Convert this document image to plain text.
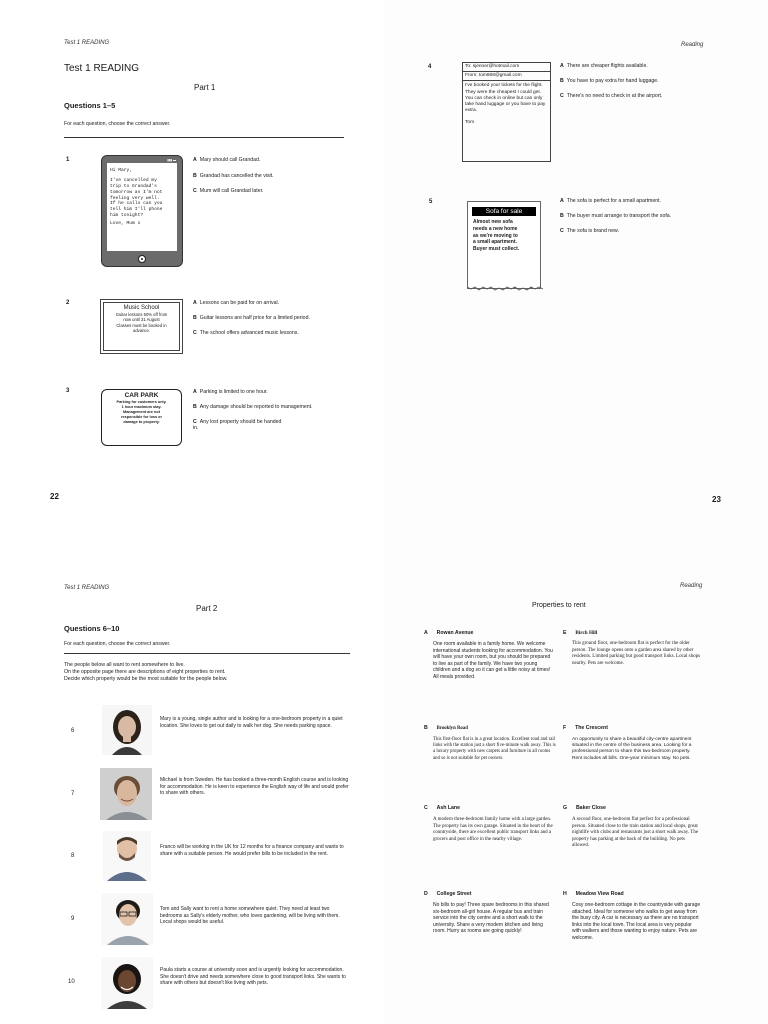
Test 1 READING
Test 1 READING
Part 1
Questions 1–5
For each question, choose the correct answer.
1	▮▮▮ ▬
Hi Mary,
I've cancelled my
trip to Grandad's
tomorrow as I'm not
feeling very well.
If he calls can you
tell him I'll phone
him tonight?
Love, Mum x
A Mary should call Grandad.
B Grandad has cancelled the visit.
C Mum will call Grandad later.
2
Music School
Guitar lessons 50% off from
now until 31 August
Classes must be booked in
advance.
A Lessons can be paid for on arrival.
B Guitar lessons are half price for a limited period.
C The school offers advanced music lessons.
3
CAR PARK
Parking for customers only.
1 hour maximum stay.
Management are not
responsible for loss or
damage to property.
A Parking is limited to one hour.
B Any damage should be reported to management.
C Any lost property should be handed in.
22
Reading
4	To: sjenner@hotmail.com
From: tom668@gmail.com
I've booked your tickets for the flight. They were the cheapest I could get. You can check in online but can only take hand luggage or you have to pay extra.
Tom
A There are cheaper flights available.
B You have to pay extra for hand luggage.
C There's no need to check in at the airport.
5
Sofa for sale
Almost new sofa
needs a new home
as we're moving to
a small apartment.
Buyer must collect.
A The sofa is perfect for a small apartment.
B The buyer must arrange to transport the sofa.
C The sofa is brand new.
23
Test 1 READING
Part 2
Questions 6–10
For each question, choose the correct answer.
The people below all want to rent somewhere to live.
On the opposite page there are descriptions of eight properties to rent.
Decide which property would be the most suitable for the people below.
6
Mary is a young, single author and is looking for a one-bedroom property in a quiet location. She loves to get out daily to walk her dog. She needs parking space.
7
Michael is from Sweden. He has booked a three-month English course and is looking for accommodation. He is keen to experience the English way of life and would prefer to share with others.
8
Franco will be working in the UK for 12 months for a finance company and wants to share with a suitable person. He would prefer bills to be included in the rent.
9
Tom and Sally want to rent a home somewhere quiet. They need at least two bedrooms as Sally's elderly mother, who loves gardening, will be living with them. Local shops would be useful.
10
Paula starts a course at university soon and is urgently looking for accommodation. She doesn't drive and needs somewhere close to good transport links. She wants to share with others but doesn't like living with pets.
Reading
Properties to rent
A Rowan Avenue
One room available in a family home. We welcome international students looking for accommodation. You will have your own room, but you should be prepared to live as part of the family. We have two young children and a dog so it can get a little noisy at times! All meals provided.
E Birch Hill
This ground floor, one-bedroom flat is perfect for the older person. The lounge opens onto a garden area shared by other residents. Limited parking but good transport links. Local shops nearby. Pets are welcome.
B Brooklyn Road
This first-floor flat is in a great location. Excellent road and rail links with the station just a short five-minute walk away. This is a luxury property with new carpets and furniture in all rooms and so is not suitable for pet owners.
F The Crescent
An opportunity to share a beautiful city-centre apartment situated in the centre of the business area. Looking for a professional person to share this two-bedroom property. Rent includes all bills. One-year minimum stay. No pets.
C Ash Lane
A modern three-bedroom family home with a large garden. The property has its own garage. Situated in the heart of the countryside, there are excellent public transport links and a grocers and post office in the nearby village.
G Baker Close
A second floor, one-bedroom flat perfect for a professional person. Situated close to the train station and local shops, great nightlife with clubs and restaurants just a short walk away. The property has parking at the back of the building. No pets allowed.
D College Street
No bills to pay! Three spare bedrooms in this shared six-bedroom all-girl house. A regular bus and train service into the city centre and a short walk to the university. Share a very modern kitchen and living room. Hurry as rooms are going quickly!
H Meadow View Road
Cosy one-bedroom cottage in the countryside with garage attached. Ideal for someone who walks to get away from the busy city. A car is necessary as there are no transport links into the local town. The local area is very popular with walkers and those wanting to enjoy nature. Pets are welcome.
